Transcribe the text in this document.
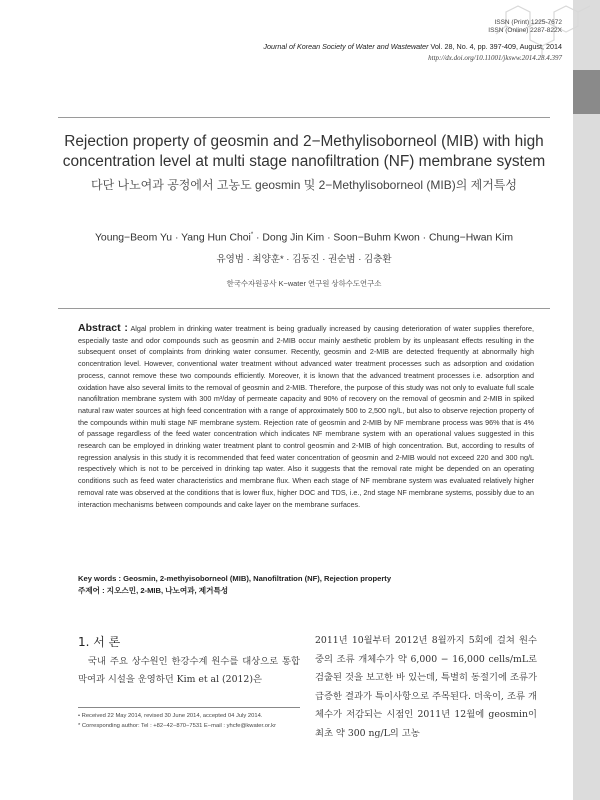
ISSN (Print) 1225-7672
ISSN (Online) 2287-822X
Journal of Korean Society of Water and Wastewater Vol. 28, No. 4, pp. 397-409, August, 2014
http://dx.doi.org/10.11001/jksww.2014.28.4.397
Rejection property of geosmin and 2−Methylisoborneol (MIB) with high concentration level at multi stage nanofiltration (NF) membrane system
다단 나노여과 공정에서 고농도 geosmin 및 2−Methylisoborneol (MIB)의 제거특성
Young−Beom Yu · Yang Hun Choi* · Dong Jin Kim · Soon−Buhm Kwon · Chung−Hwan Kim
유영범 · 최양훈* · 김동진 · 권순범 · 김충환
한국수자원공사 K−water 연구원 상하수도연구소
Abstract : Algal problem in drinking water treatment is being gradually increased by causing deterioration of water supplies therefore, especially taste and odor compounds such as geosmin and 2-MIB occur mainly aesthetic problem by its unpleasant effects resulting in the subsequent onset of complaints from drinking water consumer. Recently, geosmin and 2-MIB are detected frequently at abnormally high concentration level. However, conventional water treatment without advanced water treatment processes such as adsorption and oxidation process, cannot remove these two compounds efficiently. Moreover, it is known that the advanced treatment processes i.e. adsorption and oxidation have also several limits to the removal of geosmin and 2-MIB. Therefore, the purpose of this study was not only to evaluate full scale nanofiltration membrane system with 300 m³/day of permeate capacity and 90% of recovery on the removal of geosmin and 2-MIB in spiked natural raw water sources at high feed concentration with a range of approximately 500 to 2,500 ng/L, but also to observe rejection property of the compounds within multi stage NF membrane system. Rejection rate of geosmin and 2-MIB by NF membrane process was 96% that is 4% of passage regardless of the feed water concentration which indicates NF membrane system with an operational values suggested in this research can be employed in drinking water treatment plant to control geosmin and 2-MIB of high concentration. But, according to results of regression analysis in this study it is recommended that feed water concentration of geosmin and 2-MIB would not exceed 220 and 300 ng/L respectively which is not to be perceived in drinking tap water. Also it suggests that the removal rate might be depended on an operating conditions such as feed water characteristics and membrane flux. When each stage of NF membrane system was evaluated relatively higher removal rate was observed at the conditions that is lower flux, higher DOC and TDS, i.e., 2nd stage NF membrane systems, possibly due to an interaction mechanisms between compounds and cake layer on the membrane surfaces.
Key words : Geosmin, 2-methyisoborneol (MIB), Nanofiltration (NF), Rejection property
주제어 : 지오스민, 2-MIB, 나노여과, 제거특성
1. 서 론
국내 주요 상수원인 한강수계 원수를 대상으로 통합 막여과 시설을 운영하던 Kim et al (2012)은
2011년 10월부터 2012년 8월까지 5회에 걸쳐 원수 중의 조류 개체수가 약 6,000 − 16,000 cells/mL로 검출된 것을 보고한 바 있는데, 특별히 동절기에 조류가 급증한 결과가 특이사항으로 주목된다. 더욱이, 조류 개체수가 저감되는 시점인 2011년 12월에 geosmin이 최초 약 300 ng/L의 고농
• Received 22 May 2014, revised 30 June 2014, accepted 04 July 2014.
* Corresponding author: Tel : +82−42−870−7531 E−mail : yhcfe@kwater.or.kr
